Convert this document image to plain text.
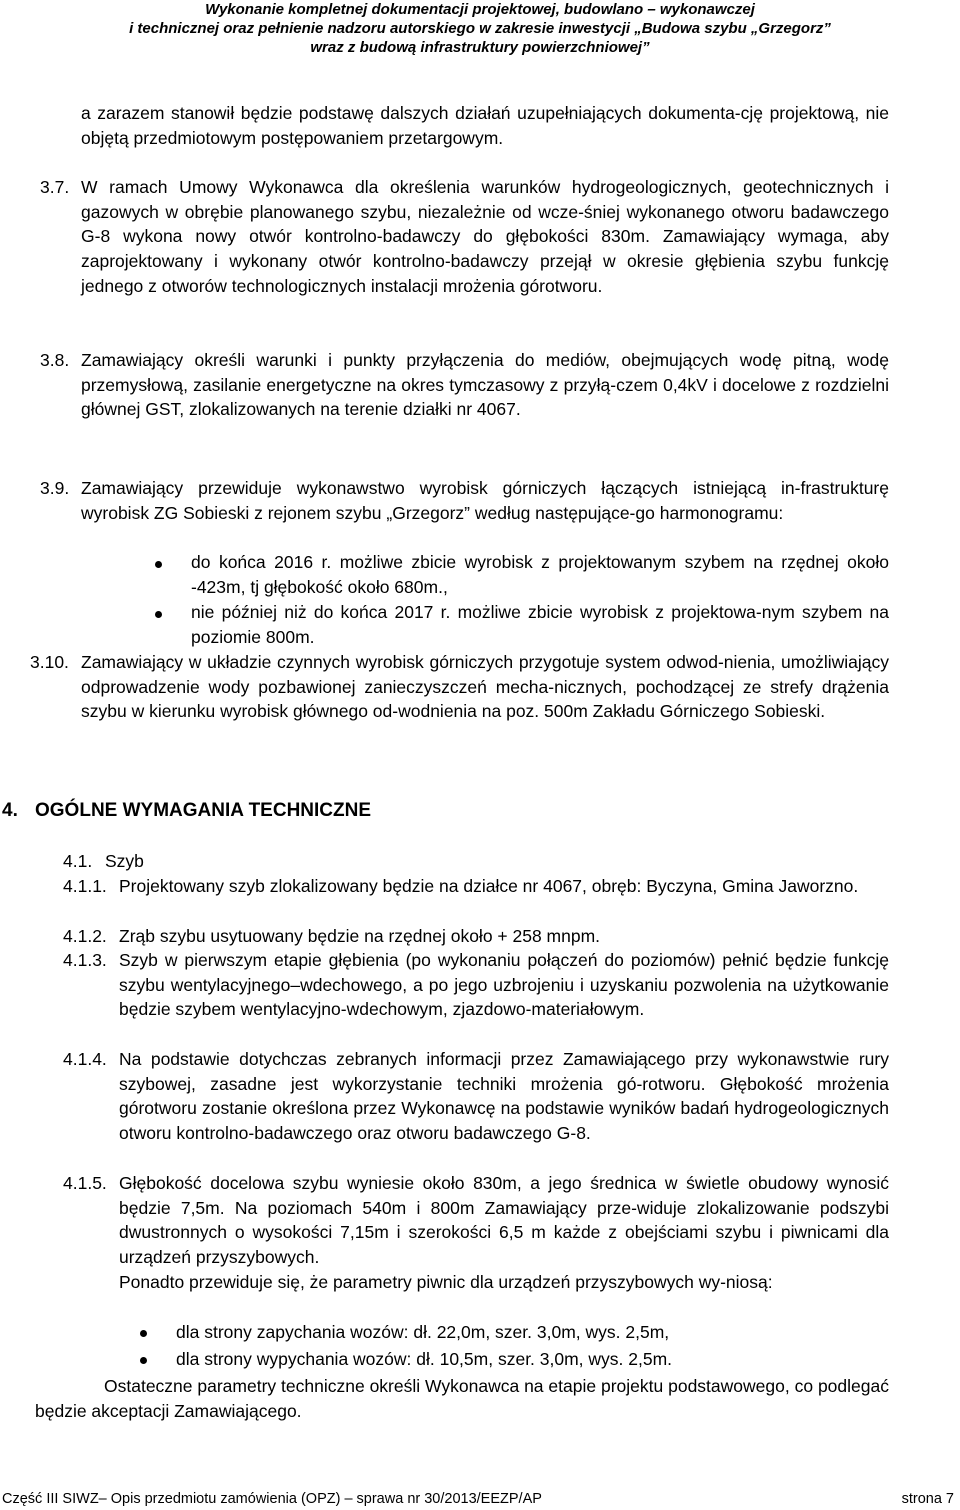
Wykonanie kompletnej dokumentacji projektowej, budowlano – wykonawczej
i technicznej oraz pełnienie nadzoru autorskiego w zakresie inwestycji „Budowa szybu „Grzegorz”
wraz z budową infrastruktury powierzchniowej”
a zarazem stanowił będzie podstawę dalszych działań uzupełniających dokumenta-cję projektową, nie objętą przedmiotowym postępowaniem przetargowym.
3.7. W ramach Umowy Wykonawca dla określenia warunków hydrogeologicznych, geotechnicznych i gazowych w obrębie planowanego szybu, niezależnie od wcze-śniej wykonanego otworu badawczego G-8 wykona nowy otwór kontrolno-badawczy do głębokości 830m. Zamawiający wymaga, aby zaprojektowany i wykonany otwór kontrolno-badawczy przejął w okresie głębienia szybu funkcję jednego z otworów technologicznych instalacji mrożenia górotworu.
3.8. Zamawiający określi warunki i punkty przyłączenia do mediów, obejmujących wodę pitną, wodę przemysłową, zasilanie energetyczne na okres tymczasowy z przyłą-czem 0,4kV i docelowe z rozdzielni głównej GST, zlokalizowanych na terenie działki nr 4067.
3.9. Zamawiający przewiduje wykonawstwo wyrobisk górniczych łączących istniejącą in-frastrukturę wyrobisk ZG Sobieski z rejonem szybu „Grzegorz” według następujące-go harmonogramu:
do końca 2016 r. możliwe zbicie wyrobisk z projektowanym szybem na rzędnej około -423m, tj głębokość około 680m.,
nie później niż do końca 2017 r. możliwe zbicie wyrobisk z projektowa-nym szybem na poziomie 800m.
3.10. Zamawiający w układzie czynnych wyrobisk górniczych przygotuje system odwod-nienia, umożliwiający odprowadzenie wody pozbawionej zanieczyszczeń mecha-nicznych, pochodzącej ze strefy drążenia szybu w kierunku wyrobisk głównego od-wodnienia na poz. 500m Zakładu Górniczego Sobieski.
4. OGÓLNE WYMAGANIA TECHNICZNE
4.1. Szyb
4.1.1. Projektowany szyb zlokalizowany będzie na działce nr 4067, obręb: Byczyna, Gmina Jaworzno.
4.1.2. Zrąb szybu usytuowany będzie na rzędnej około + 258 mnpm.
4.1.3. Szyb w pierwszym etapie głębienia (po wykonaniu połączeń do poziomów) pełnić będzie funkcję szybu wentylacyjnego–wdechowego, a po jego uzbrojeniu i uzyskaniu pozwolenia na użytkowanie będzie szybem wentylacyjno-wdechowym, zjazdowo-materiałowym.
4.1.4. Na podstawie dotychczas zebranych informacji przez Zamawiającego przy wykonawstwie rury szybowej, zasadne jest wykorzystanie techniki mrożenia gó-rotworu. Głębokość mrożenia górotworu zostanie określona przez Wykonawcę na podstawie wyników badań hydrogeologicznych otworu kontrolno-badawczego oraz otworu badawczego G-8.
4.1.5. Głębokość docelowa szybu wyniesie około 830m, a jego średnica w świetle obudowy wynosić będzie 7,5m. Na poziomach 540m i 800m Zamawiający prze-widuje zlokalizowanie podszybi dwustronnych o wysokości 7,15m i szerokości 6,5 m każde z obejściami szybu i piwnicami dla urządzeń przyszybowych.
Ponadto przewiduje się, że parametry piwnic dla urządzeń przyszybowych wy-niosą:
dla strony zapychania wozów: dł. 22,0m, szer. 3,0m, wys. 2,5m,
dla strony wypychania wozów: dł. 10,5m, szer. 3,0m, wys. 2,5m.
Ostateczne parametry techniczne określi Wykonawca na etapie projektu podstawowego, co podlegać będzie akceptacji Zamawiającego.
Część III SIWZ– Opis przedmiotu zamówienia (OPZ) – sprawa nr 30/2013/EEZP/AP	strona 7
